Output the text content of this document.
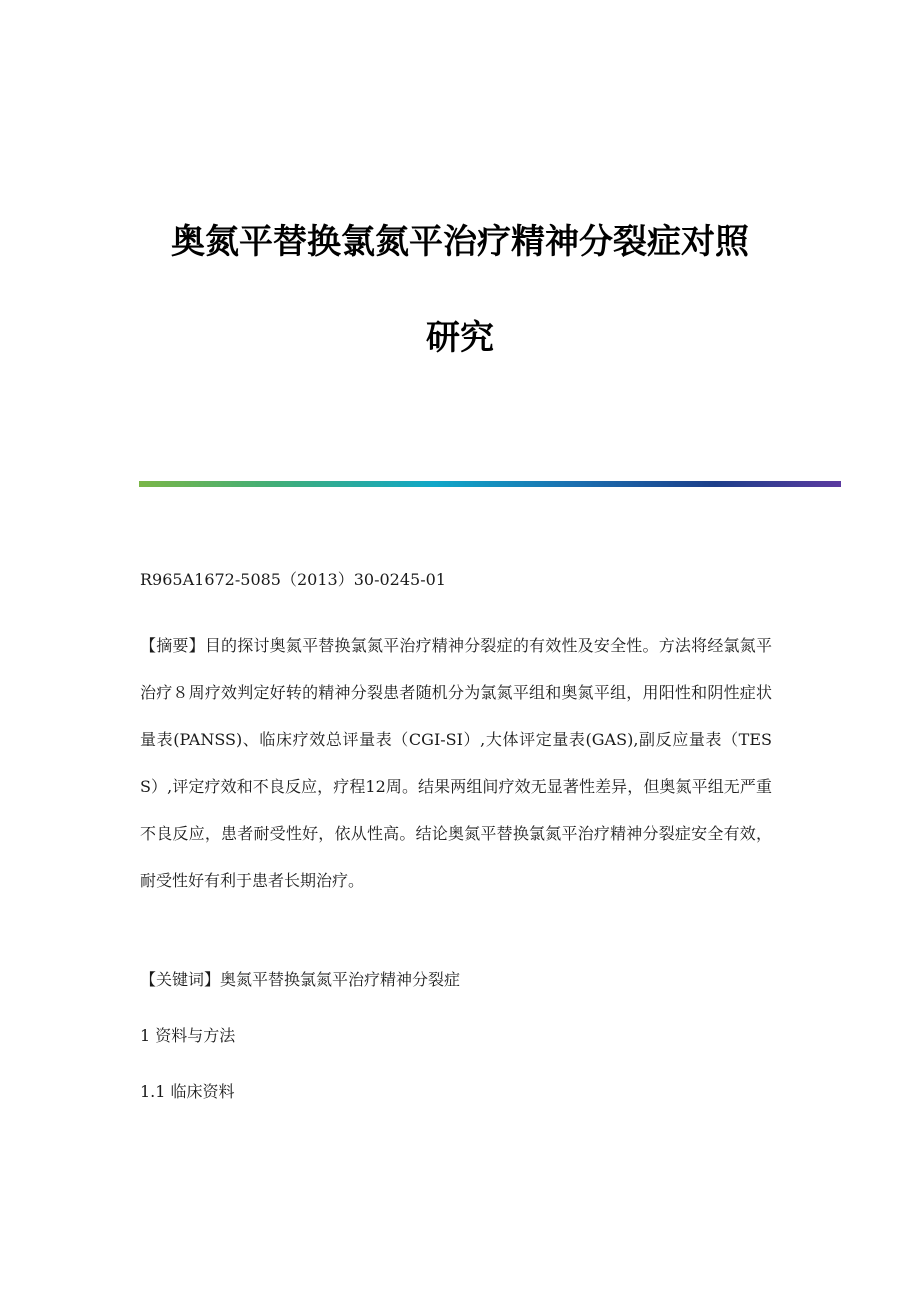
奥氮平替换氯氮平治疗精神分裂症对照
研究

R965A1672-5085（2013）30-0245-01

【摘要】目的探讨奥氮平替换氯氮平治疗精神分裂症的有效性及安全性。方法将经氯氮平治疗８周疗效判定好转的精神分裂患者随机分为氯氮平组和奥氮平组，用阳性和阴性症状量表(PANSS)、临床疗效总评量表（CGI-SI）,大体评定量表(GAS),副反应量表（TESS）,评定疗效和不良反应，疗程12周。结果两组间疗效无显著性差异，但奥氮平组无严重不良反应，患者耐受性好，依从性高。结论奥氮平替换氯氮平治疗精神分裂症安全有效，耐受性好有利于患者长期治疗。

【关键词】奥氮平替换氯氮平治疗精神分裂症

1 资料与方法

1.1 临床资料
